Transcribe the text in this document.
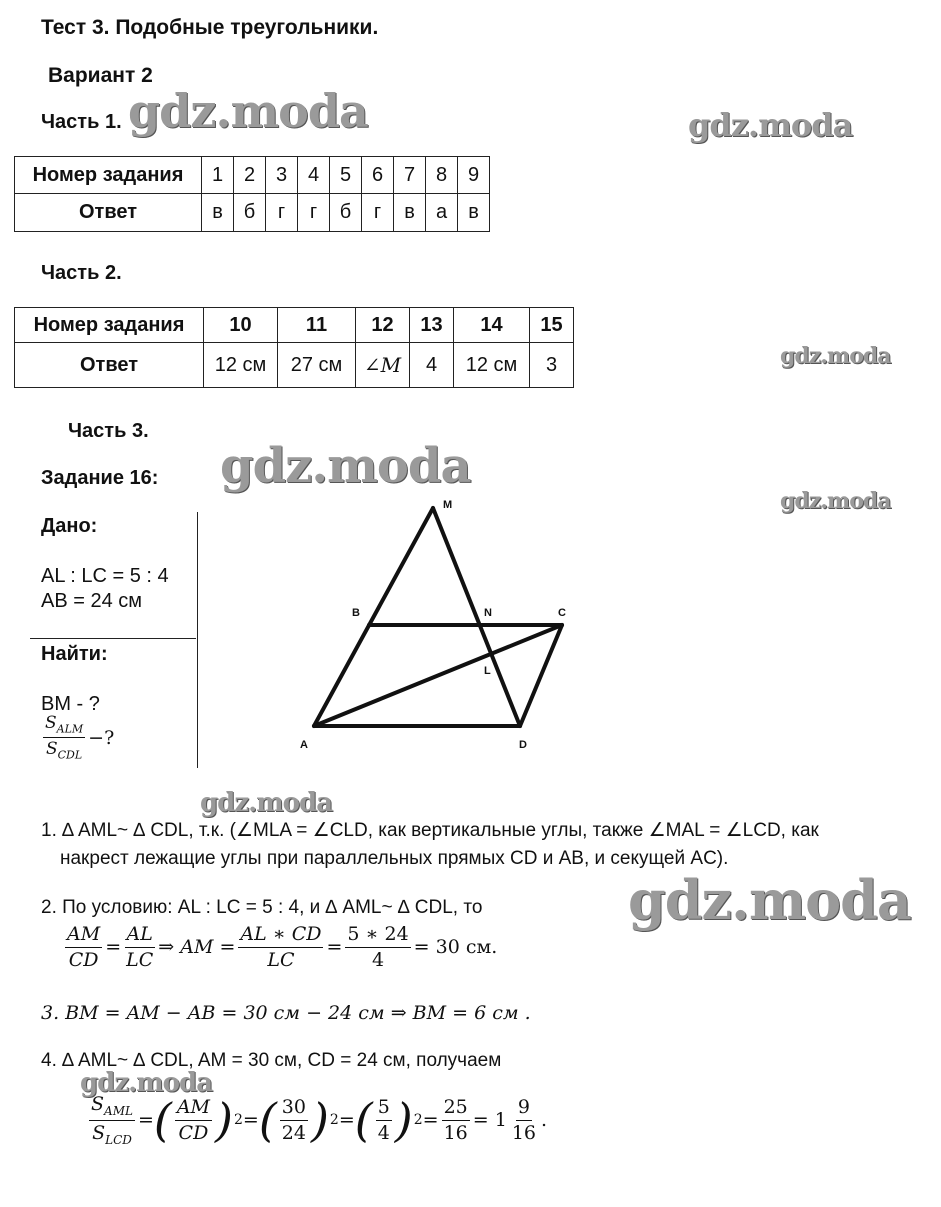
Тест 3. Подобные треугольники.
Вариант 2
gdz.moda	gdz.moda
gdz.moda
gdz.moda
gdz.moda
gdz.moda
gdz.moda
gdz.moda
Часть 1.
Номер задания	1	2	3	4	5	6	7	8	9
Ответ	в	б	г	г	б	г	в	а	в
Часть 2.
Номер задания	10	11	12	13	14	15
Ответ	12 см	27 см	∠M	4	12 см	3
Часть 3.
Задание 16:
Дано:
AL : LC = 5 : 4
AB = 24 см
Найти:
BM - ?
$\frac{S_{ALM}}{S_{CDL}}$ −?
M
B	N	C
L
A	D
1. ∆ AML~ ∆ CDL, т.к. (∠MLA = ∠CLD, как вертикальные углы, также ∠MAL = ∠LCD, как
накрест лежащие углы при параллельных прямых CD и AB, и секущей AC).
2. По условию: AL : LC = 5 : 4, и ∆ AML~ ∆ CDL, то
$\frac{AM}{CD} = \frac{AL}{LC}$ ⇒ AM = $\frac{AL ∗ CD}{LC} = \frac{5 ∗ 24}{4} = 30$ см.
3. BM = AM − AB = 30 см − 24 см ⇒ BM = 6 см .
4. ∆ AML~ ∆ CDL, AM = 30 см, CD = 24 см, получаем
$\frac{S_{AML}}{S_{LCD}}$ = ( $\frac{AM}{CD}$ ) 2 = ( $\frac{30}{24}$ ) 2 = ( $\frac{5}{4}$ ) $2 = \frac{25}{16} = 1 \frac{9}{16}$ .
